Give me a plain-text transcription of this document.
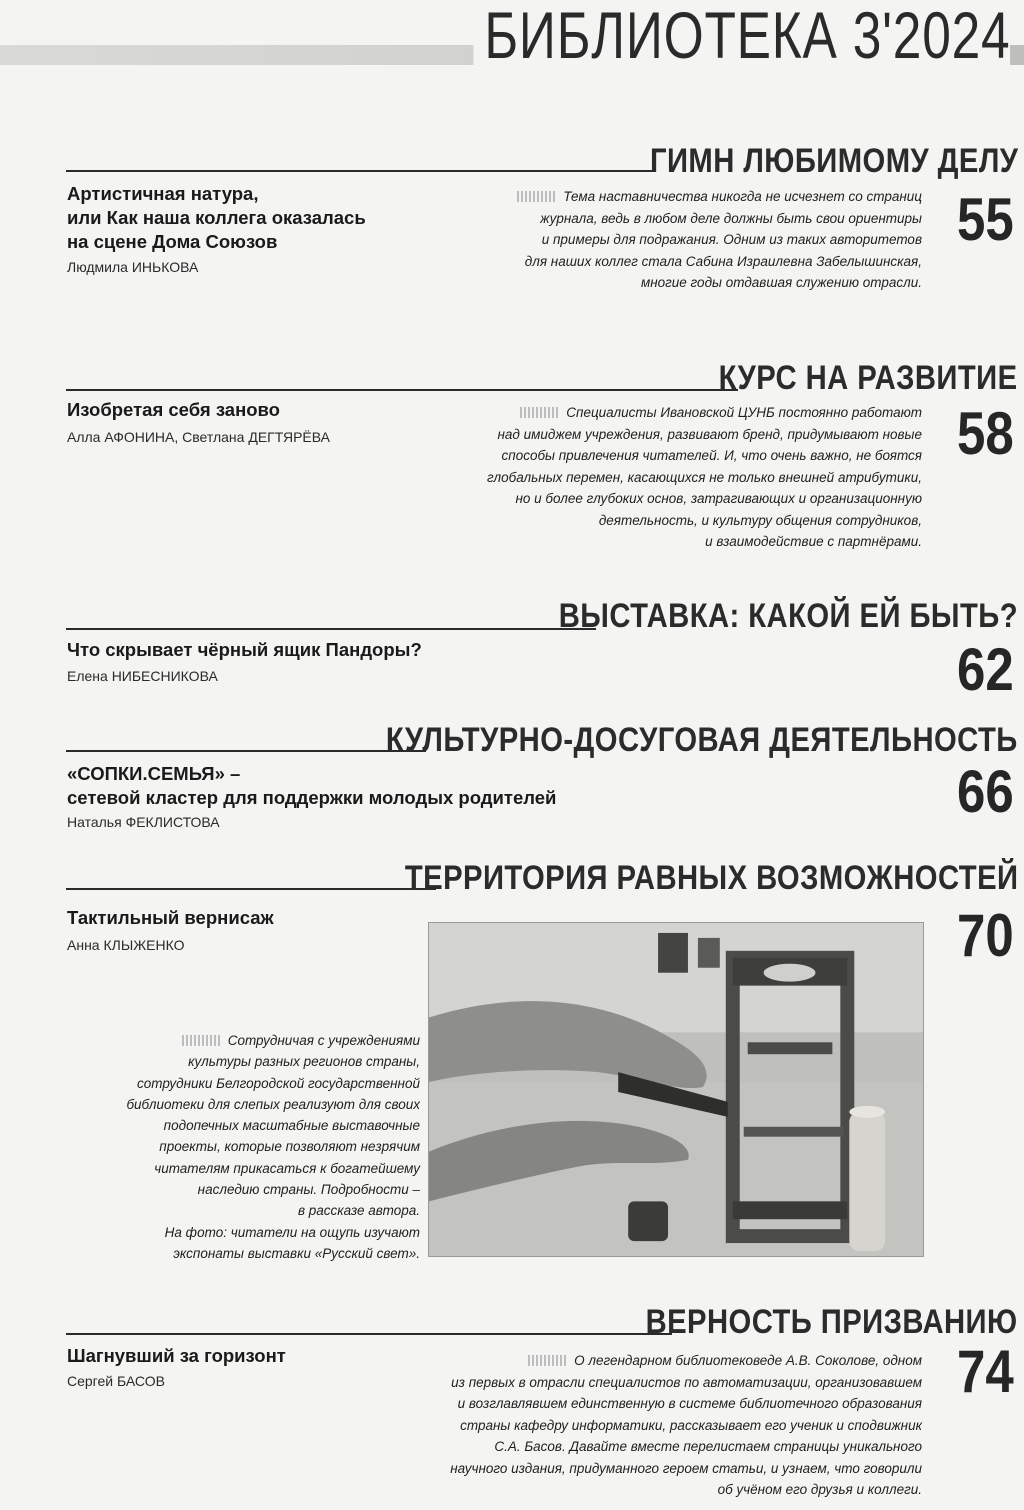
БИБЛИОТЕКА 3'2024
ГИМН ЛЮБИМОМУ ДЕЛУ
Артистичная натура,
или Как наша коллега оказалась
на сцене Дома Союзов
Людмила ИНЬКОВА
55
Тема наставничества никогда не исчезнет со страниц
журнала, ведь в любом деле должны быть свои ориентиры
и примеры для подражания. Одним из таких авторитетов
для наших коллег стала Сабина Израилевна Забелышинская,
многие годы отдавшая служению отрасли.
КУРС НА РАЗВИТИЕ
Изобретая себя заново
Алла АФОНИНА, Светлана ДЕГТЯРЁВА	58
Специалисты Ивановской ЦУНБ постоянно работают
над имиджем учреждения, развивают бренд, придумывают новые
способы привлечения читателей. И, что очень важно, не боятся
глобальных перемен, касающихся не только внешней атрибутики,
но и более глубоких основ, затрагивающих и организационную
деятельность, и культуру общения сотрудников,
и взаимодействие с партнёрами.
ВЫСТАВКА: КАКОЙ ЕЙ БЫТЬ?
Что скрывает чёрный ящик Пандоры?
Елена НИБЕСНИКОВА	62
КУЛЬТУРНО-ДОСУГОВАЯ ДЕЯТЕЛЬНОСТЬ
«СОПКИ.СЕМЬЯ» –
сетевой кластер для поддержки молодых родителей
Наталья ФЕКЛИСТОВА	66
ТЕРРИТОРИЯ РАВНЫХ ВОЗМОЖНОСТЕЙ
Тактильный вернисаж
Анна КЛЫЖЕНКО	70
Сотрудничая с учреждениями
культуры разных регионов страны,
сотрудники Белгородской государственной
библиотеки для слепых реализуют для своих
подопечных масштабные выставочные
проекты, которые позволяют незрячим
читателям прикасаться к богатейшему
наследию страны. Подробности –
в рассказе автора.
На фото: читатели на ощупь изучают
экспонаты выставки «Русский свет».
ВЕРНОСТЬ ПРИЗВАНИЮ
Шагнувший за горизонт
Сергей БАСОВ	74
О легендарном библиотековеде А.В. Соколове, одном
из первых в отрасли специалистов по автоматизации, организовавшем
и возглавлявшем единственную в системе библиотечного образования
страны кафедру информатики, рассказывает его ученик и сподвижник
С.А. Басов. Давайте вместе перелистаем страницы уникального
научного издания, придуманного героем статьи, и узнаем, что говорили
об учёном его друзья и коллеги.
